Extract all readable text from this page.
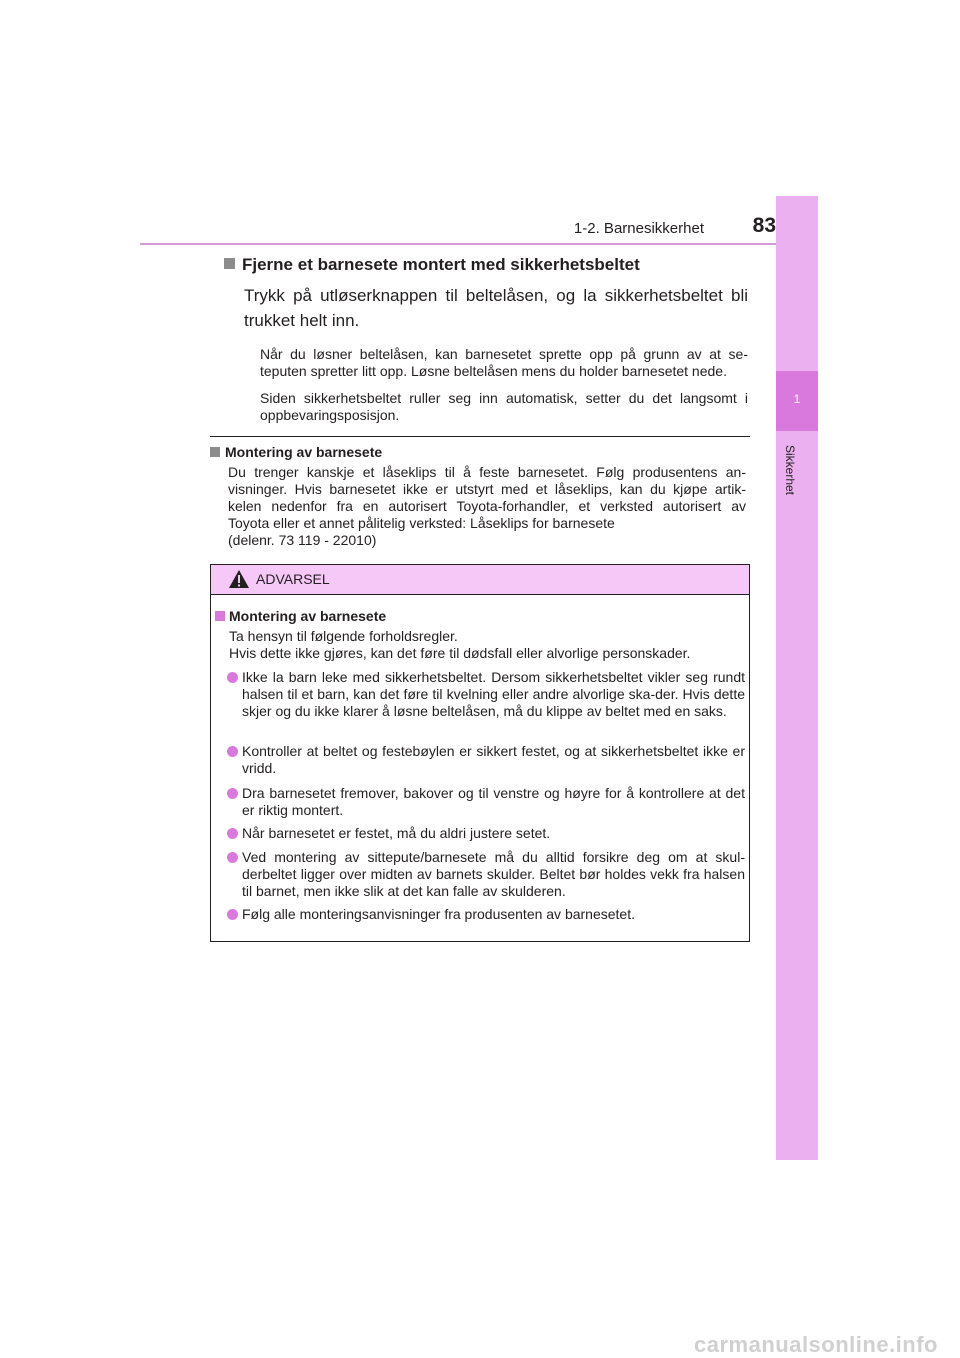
1-2. Barnesikkerhet	83
1
Sikkerhet
Fjerne et barnesete montert med sikkerhetsbeltet
Trykk på utløserknappen til beltelåsen, og la sikkerhetsbeltet bli trukket helt inn.
Når du løsner beltelåsen, kan barnesetet sprette opp på grunn av at se-teputen spretter litt opp. Løsne beltelåsen mens du holder barnesetet nede.
Siden sikkerhetsbeltet ruller seg inn automatisk, setter du det langsomt i oppbevaringsposisjon.
Montering av barnesete
Du trenger kanskje et låseklips til å feste barnesetet. Følg produsentens an-
visninger. Hvis barnesetet ikke er utstyrt med et låseklips, kan du kjøpe artik-
kelen nedenfor fra en autorisert Toyota-forhandler, et verksted autorisert av
Toyota eller et annet pålitelig verksted: Låseklips for barnesete
(delenr. 73 119 - 22010)
ADVARSEL
Montering av barnesete
Ta hensyn til følgende forholdsregler.
Hvis dette ikke gjøres, kan det føre til dødsfall eller alvorlige personskader.
Ikke la barn leke med sikkerhetsbeltet. Dersom sikkerhetsbeltet vikler seg rundt halsen til et barn, kan det føre til kvelning eller andre alvorlige ska-der. Hvis dette skjer og du ikke klarer å løsne beltelåsen, må du klippe av beltet med en saks.
Kontroller at beltet og festebøylen er sikkert festet, og at sikkerhetsbeltet ikke er vridd.
Dra barnesetet fremover, bakover og til venstre og høyre for å kontrollere at det er riktig montert.
Når barnesetet er festet, må du aldri justere setet.
Ved montering av sittepute/barnesete må du alltid forsikre deg om at skul-derbeltet ligger over midten av barnets skulder. Beltet bør holdes vekk fra halsen til barnet, men ikke slik at det kan falle av skulderen.
Følg alle monteringsanvisninger fra produsenten av barnesetet.
carmanualsonline.info
